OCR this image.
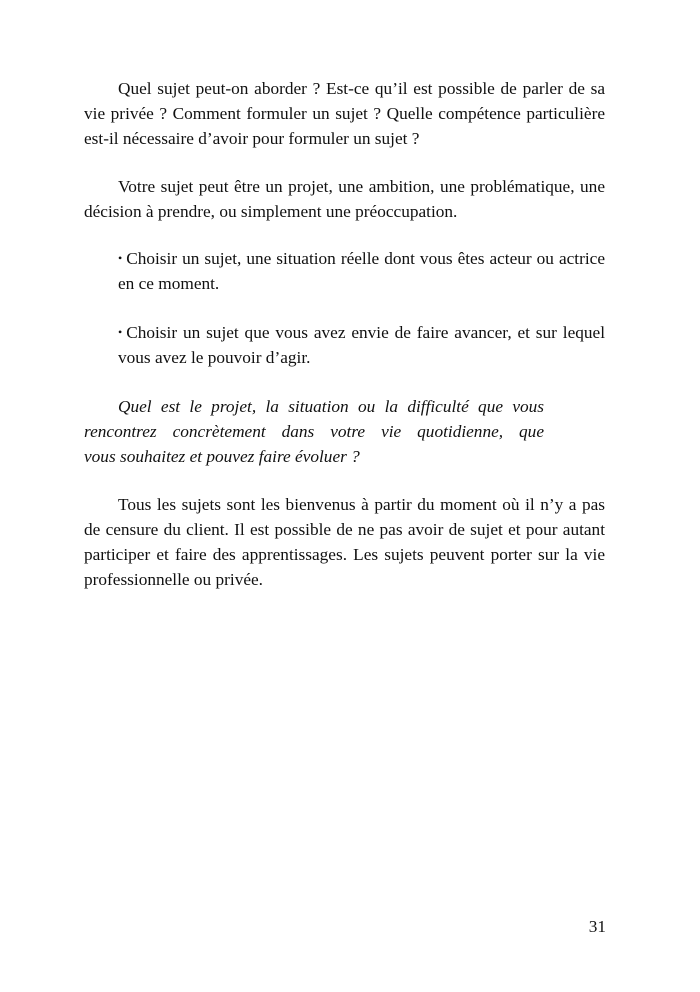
Quel sujet peut-on aborder ? Est-ce qu’il est possible de parler de sa vie privée ? Comment formuler un sujet ? Quelle compétence particulière est-il nécessaire d’avoir pour formuler un sujet ?

Votre sujet peut être un projet, une ambition, une problématique, une décision à prendre, ou simplement une préoccupation.

• Choisir un sujet, une situation réelle dont vous êtes acteur ou actrice en ce moment.

• Choisir un sujet que vous avez envie de faire avancer, et sur lequel vous avez le pouvoir d’agir.

Quel est le projet, la situation ou la difficulté que vous
rencontrez concrètement dans votre vie quotidienne, que
vous souhaitez et pouvez faire évoluer ?

Tous les sujets sont les bienvenus à partir du moment où il n’y a pas de censure du client. Il est possible de ne pas avoir de sujet et pour autant participer et faire des apprentissages. Les sujets peuvent porter sur la vie professionnelle ou privée.

31
